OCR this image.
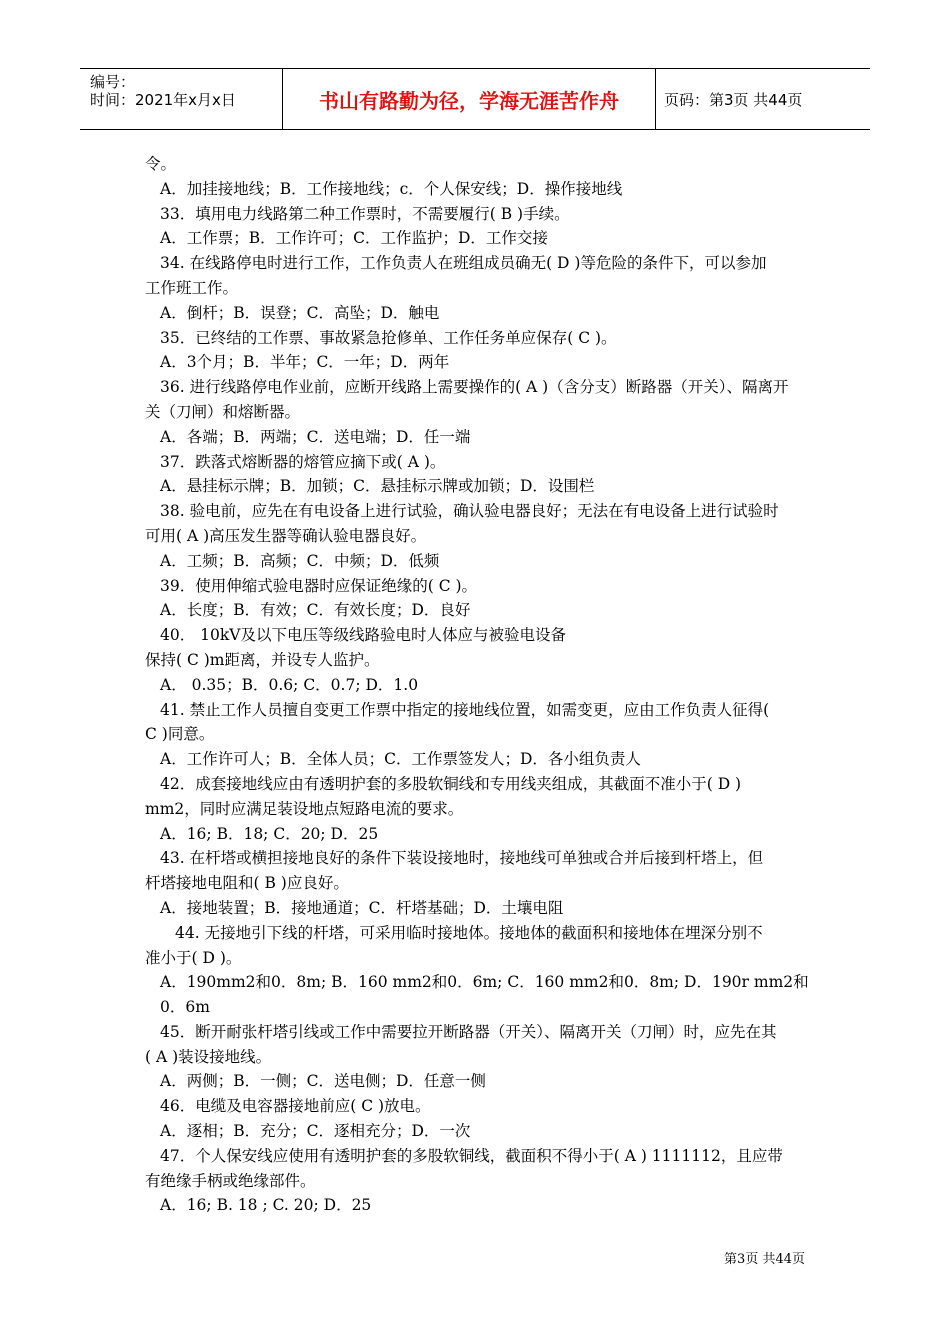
编号：
时间：2021年x月x日	书山有路勤为径，学海无涯苦作舟	页码：第3页 共44页
令。
A．加挂接地线；B．工作接地线；c．个人保安线；D．操作接地线
33．填用电力线路第二种工作票时，不需要履行( B )手续。
A．工作票；B．工作许可；C．工作监护；D．工作交接
34. 在线路停电时进行工作，工作负责人在班组成员确无( D )等危险的条件下，可以参加
工作班工作。
A．倒杆；B．误登；C．高坠；D．触电
35．已终结的工作票、事故紧急抢修单、工作任务单应保存( C )。
A．3个月；B．半年；C．一年；D．两年
36. 进行线路停电作业前，应断开线路上需要操作的( A )（含分支）断路器（开关）、隔离开
关（刀闸）和熔断器。
A．各端；B．两端；C．送电端；D．任一端
37．跌落式熔断器的熔管应摘下或( A )。
A．悬挂标示牌；B．加锁；C．悬挂标示牌或加锁；D．设围栏
38. 验电前，应先在有电设备上进行试验，确认验电器良好；无法在有电设备上进行试验时
可用( A )高压发生器等确认验电器良好。
A．工频；B．高频；C．中频；D．低频
39．使用伸缩式验电器时应保证绝缘的( C )。
A．长度；B．有效；C．有效长度；D．良好
40． 10kV及以下电压等级线路验电时人体应与被验电设备
保持( C )m距离，并设专人监护。
A． 0.35；B．0.6; C．0.7; D．1.0
41. 禁止工作人员擅自变更工作票中指定的接地线位置，如需变更，应由工作负责人征得(
C )同意。
A．工作许可人；B．全体人员；C．工作票签发人；D．各小组负责人
42．成套接地线应由有透明护套的多股软铜线和专用线夹组成，其截面不准小于( D )
mm2，同时应满足装设地点短路电流的要求。
A．16; B．18; C．20; D．25
43. 在杆塔或横担接地良好的条件下装设接地时，接地线可单独或合并后接到杆塔上，但
杆塔接地电阻和( B )应良好。
A．接地装置；B．接地通道；C．杆塔基础；D．土壤电阻
44. 无接地引下线的杆塔，可采用临时接地体。接地体的截面积和接地体在埋深分别不
准小于( D )。
A．190mm2和0．8m; B．160 mm2和0．6m; C．160 mm2和0．8m; D．190r mm2和
0．6m
45．断开耐张杆塔引线或工作中需要拉开断路器（开关）、隔离开关（刀闸）时，应先在其
( A )装设接地线。
A．两侧；B．一侧；C．送电侧；D．任意一侧
46．电缆及电容器接地前应( C )放电。
A．逐相；B．充分；C．逐相充分；D．一次
47．个人保安线应使用有透明护套的多股软铜线，截面积不得小于( A ) 1111112，且应带
有绝缘手柄或绝缘部件。
A．16; B. 18 ; C. 20; D．25
第3页 共44页
